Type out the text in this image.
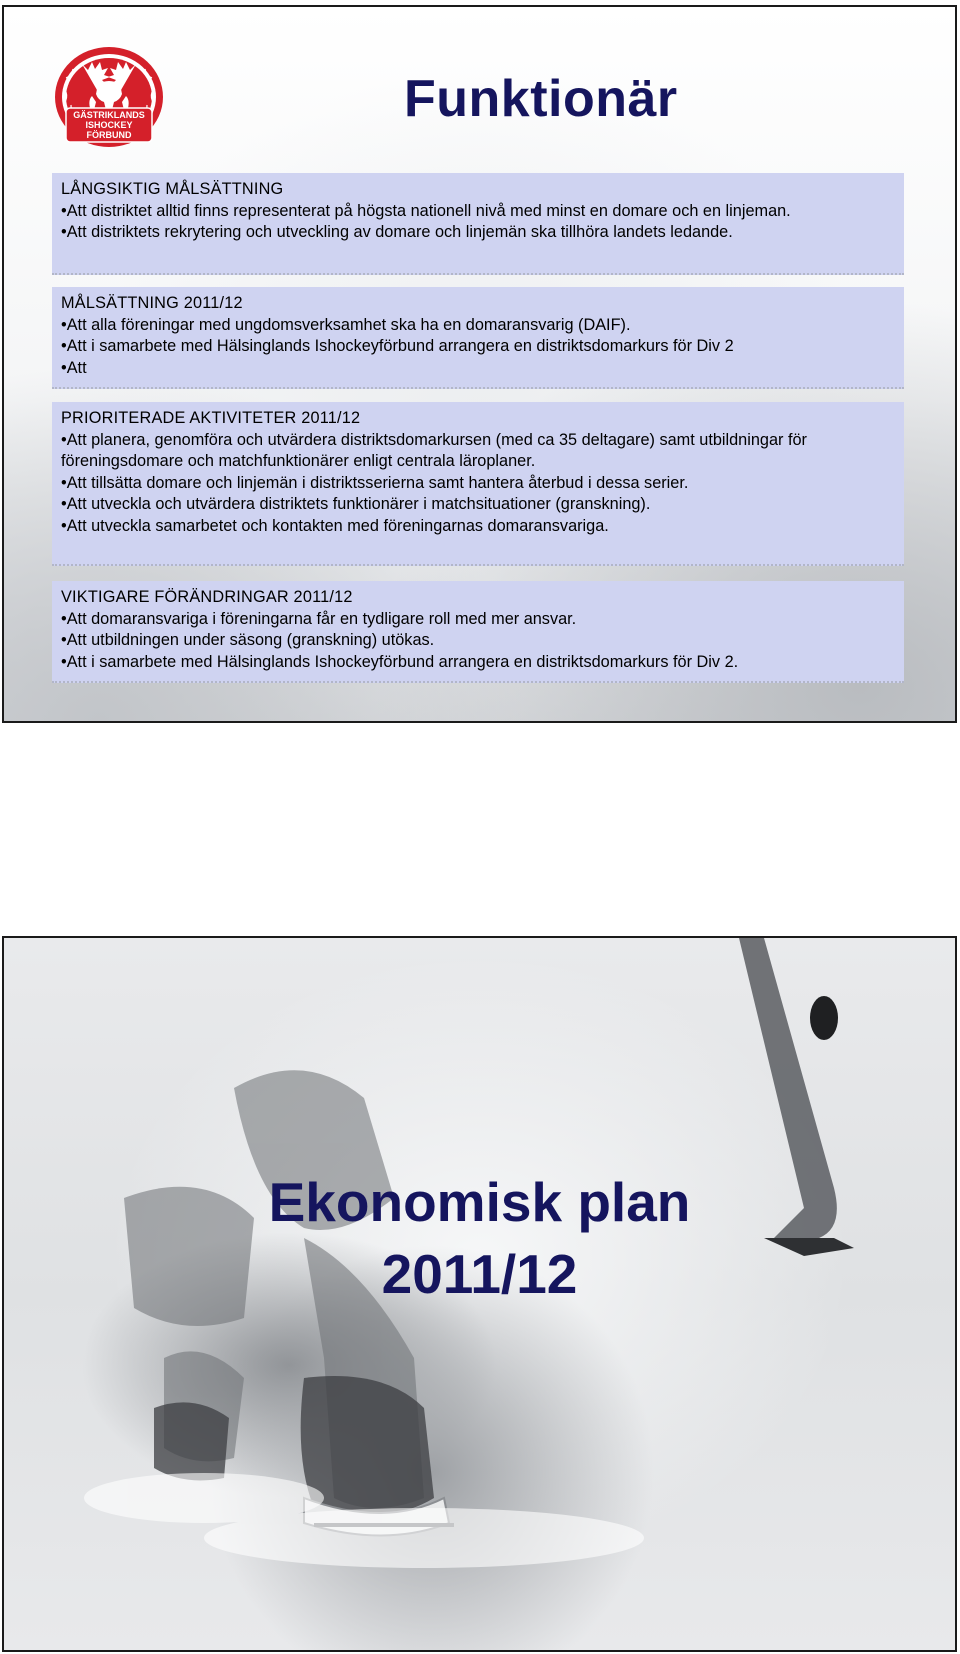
GÄSTRIKLANDS
ISHOCKEY
FÖRBUND
Funktionär
LÅNGSIKTIG MÅLSÄTTNING
•Att distriktet alltid finns representerat på högsta nationell nivå med minst en domare och en linjeman.
•Att distriktets rekrytering och utveckling av domare och linjemän ska tillhöra landets ledande.
MÅLSÄTTNING 2011/12
•Att alla föreningar med ungdomsverksamhet ska ha en domaransvarig (DAIF).
•Att i samarbete med Hälsinglands Ishockeyförbund arrangera en distriktsdomarkurs för Div 2
•Att
PRIORITERADE AKTIVITETER 2011/12
•Att planera, genomföra och utvärdera distriktsdomarkursen (med ca 35 deltagare) samt utbildningar för föreningsdomare och matchfunktionärer enligt centrala läroplaner.
•Att tillsätta domare och linjemän i distriktsserierna samt hantera återbud i dessa serier.
•Att utveckla och utvärdera distriktets funktionärer i matchsituationer (granskning).
•Att utveckla samarbetet och kontakten med föreningarnas domaransvariga.
VIKTIGARE FÖRÄNDRINGAR 2011/12
•Att domaransvariga i föreningarna får en tydligare roll med mer ansvar.
•Att utbildningen under säsong (granskning) utökas.
•Att i samarbete med Hälsinglands Ishockeyförbund arrangera en distriktsdomarkurs för Div 2.
Ekonomisk plan
2011/12
